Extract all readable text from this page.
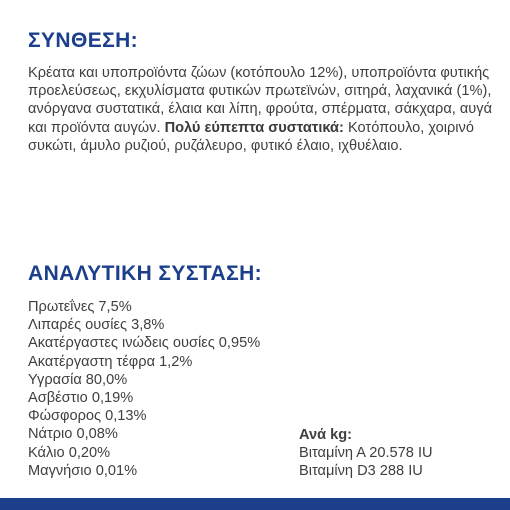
ΣΥΝΘΕΣΗ:

Κρέατα και υποπροϊόντα ζώων (κοτόπουλο 12%), υποπροϊόντα φυτικής προελεύσεως, εκχυλίσματα φυτικών πρωτεϊνών, σιτηρά, λαχανικά (1%), ανόργανα συστατικά, έλαια και λίπη, φρούτα, σπέρματα, σάκχαρα, αυγά και προϊόντα αυγών. Πολύ εύπεπτα συστατικά: Κοτόπουλο, χοιρινό συκώτι, άμυλο ρυζιού, ρυζάλευρο, φυτικό έλαιο, ιχθυέλαιο.

ΑΝΑΛΥΤΙΚΗ ΣΥΣΤΑΣΗ:
Πρωτεΐνες 7,5%
Λιπαρές ουσίες 3,8%
Ακατέργαστες ινώδεις ουσίες 0,95%
Ακατέργαστη τέφρα 1,2%
Υγρασία 80,0%
Ασβέστιο 0,19%
Φώσφορος 0,13%
Νάτριο 0,08%
Κάλιο 0,20%
Μαγνήσιο 0,01%
Ανά kg:
Βιταμίνη Α 20.578 IU
Βιταμίνη D3 288 IU
